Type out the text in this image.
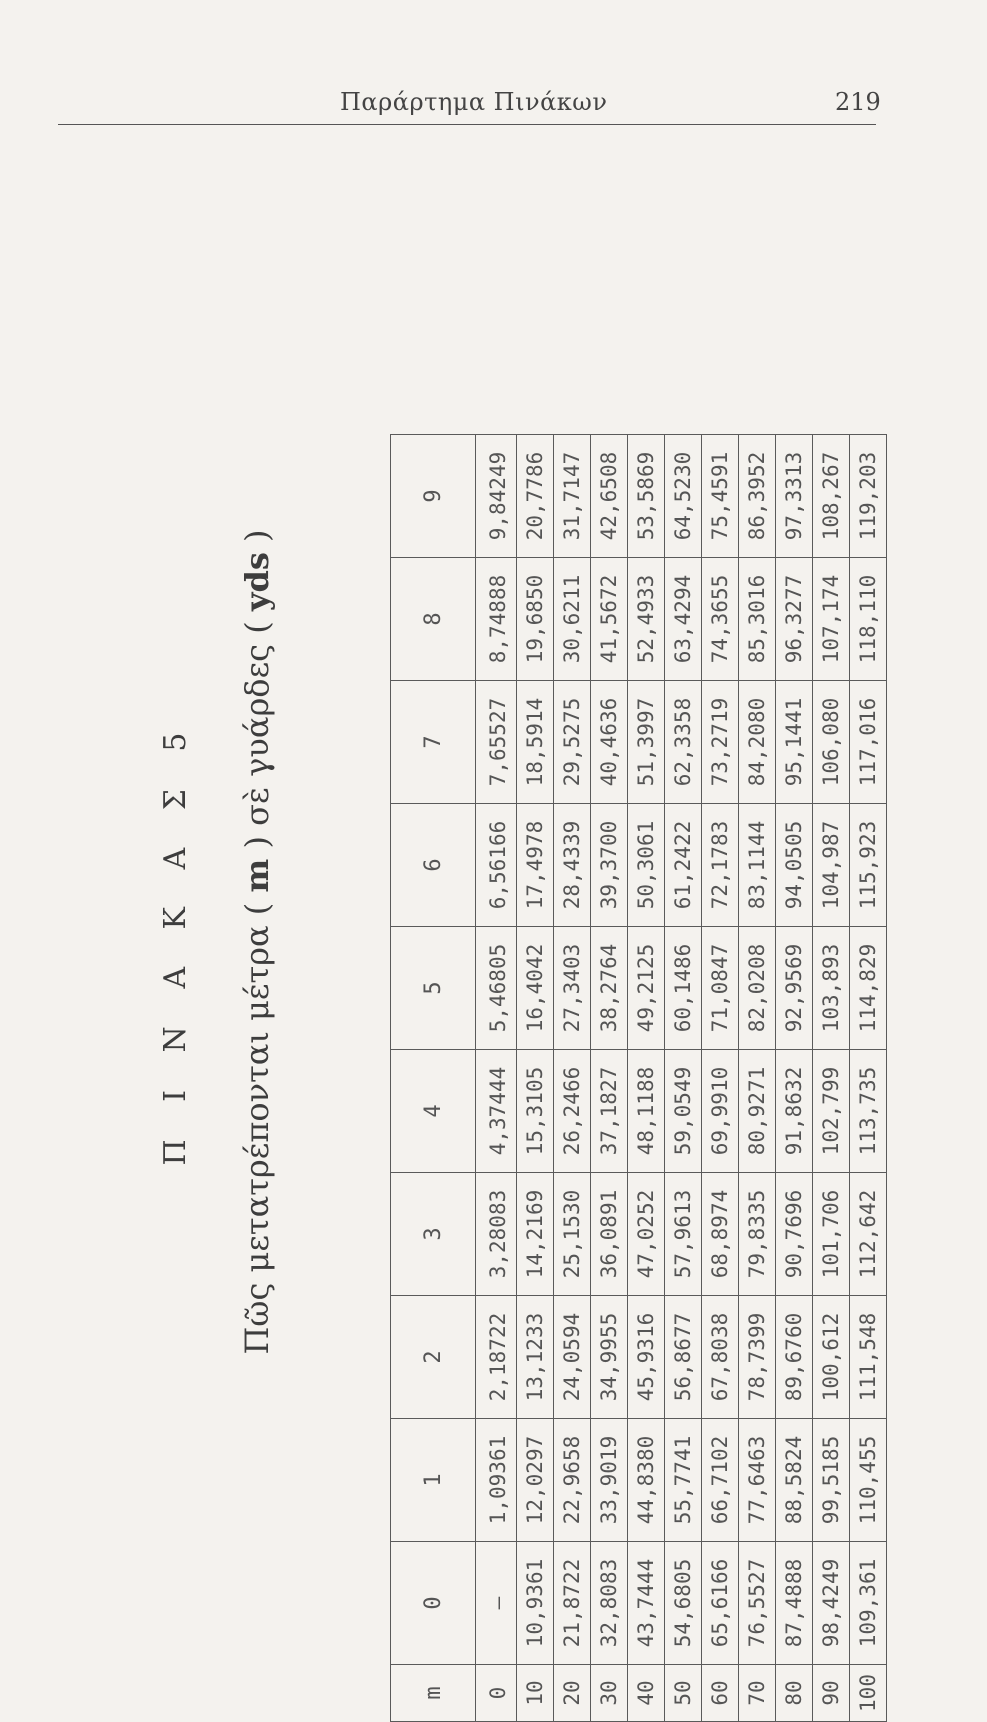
Παράρτημα Πινάκων	219
Π Ι Ν Α Κ Α Σ 5 Πῶς μετατρέπονται μέτρα ( m ) σὲ γυάρδες ( yds )
m	0	1	2	3	4	5	6	7	8	9
0	—	1,09361	2,18722	3,28083	4,37444	5,46805	6,56166	7,65527	8,74888	9,84249
10	10,9361	12,0297	13,1233	14,2169	15,3105	16,4042	17,4978	18,5914	19,6850	20,7786
20	21,8722	22,9658	24,0594	25,1530	26,2466	27,3403	28,4339	29,5275	30,6211	31,7147
30	32,8083	33,9019	34,9955	36,0891	37,1827	38,2764	39,3700	40,4636	41,5672	42,6508
40	43,7444	44,8380	45,9316	47,0252	48,1188	49,2125	50,3061	51,3997	52,4933	53,5869
50	54,6805	55,7741	56,8677	57,9613	59,0549	60,1486	61,2422	62,3358	63,4294	64,5230
60	65,6166	66,7102	67,8038	68,8974	69,9910	71,0847	72,1783	73,2719	74,3655	75,4591
70	76,5527	77,6463	78,7399	79,8335	80,9271	82,0208	83,1144	84,2080	85,3016	86,3952
80	87,4888	88,5824	89,6760	90,7696	91,8632	92,9569	94,0505	95,1441	96,3277	97,3313
90	98,4249	99,5185	100,612	101,706	102,799	103,893	104,987	106,080	107,174	108,267
100	109,361	110,455	111,548	112,642	113,735	114,829	115,923	117,016	118,110	119,203
